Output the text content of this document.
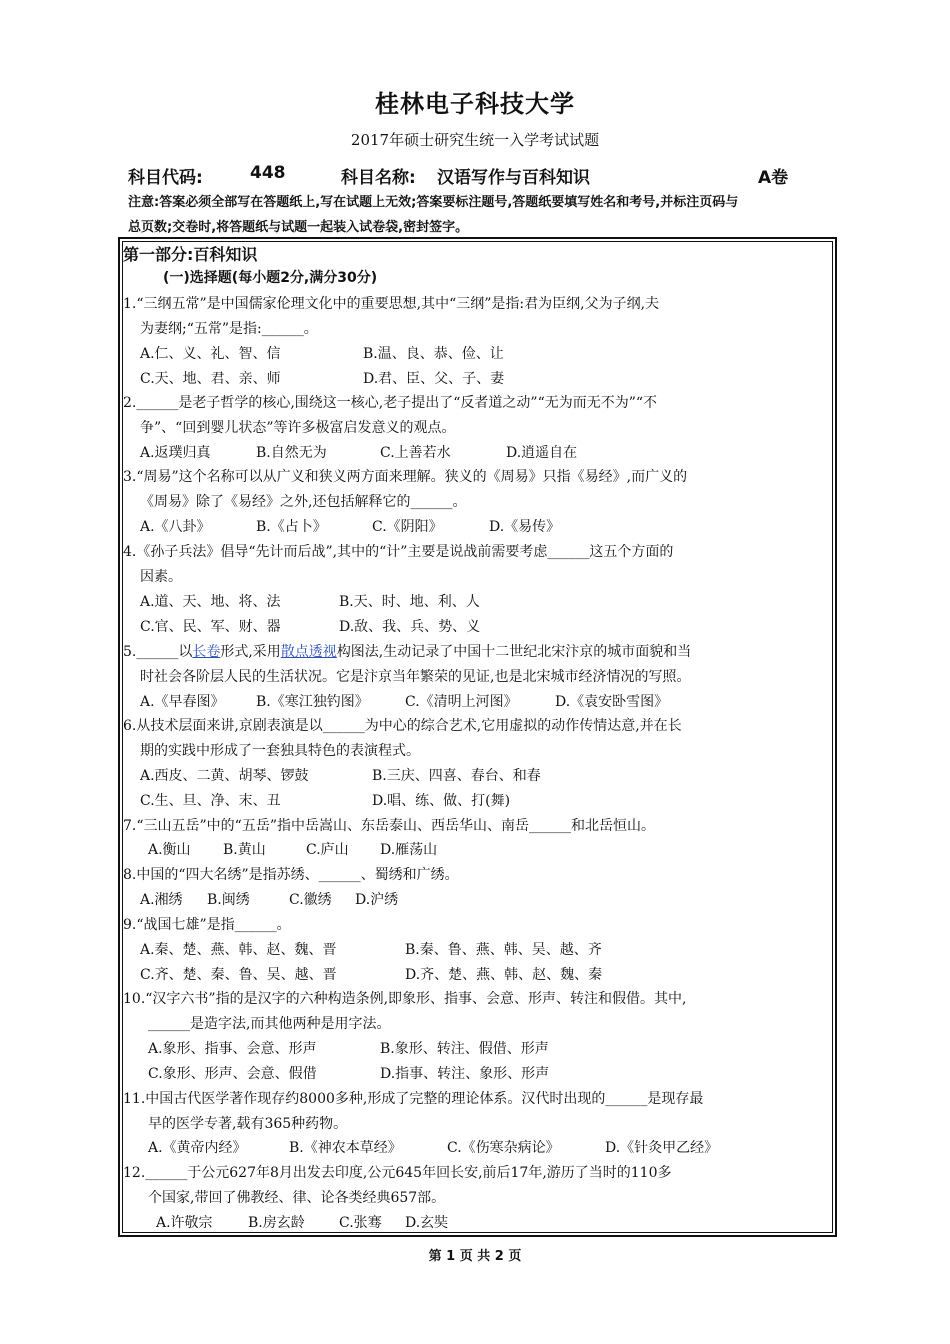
桂林电子科技大学
2017年硕士研究生统一入学考试试题
科目代码:	448	科目名称: 汉语写作与百科知识	A卷
注意:答案必须全部写在答题纸上,写在试题上无效;答案要标注题号,答题纸要填写姓名和考号,并标注页码与
总页数;交卷时,将答题纸与试题一起装入试卷袋,密封签字。
第一部分:百科知识
(一)选择题(每小题2分,满分30分)
1.“三纲五常”是中国儒家伦理文化中的重要思想,其中“三纲”是指:君为臣纲,父为子纲,夫
为妻纲;“五常”是指:______。
A.仁、义、礼、智、信	B.温、良、恭、俭、让
C.天、地、君、亲、师	D.君、臣、父、子、妻
2.______是老子哲学的核心,围绕这一核心,老子提出了“反者道之动”“无为而无不为”“不
争”、“回到婴儿状态”等许多极富启发意义的观点。
A.返璞归真	B.自然无为	C.上善若水	D.逍遥自在
3.“周易”这个名称可以从广义和狭义两方面来理解。狭义的《周易》只指《易经》,而广义的
《周易》除了《易经》之外,还包括解释它的______。
A.《八卦》	B.《占卜》	C.《阴阳》	D.《易传》
4.《孙子兵法》倡导“先计而后战”,其中的“计”主要是说战前需要考虑______这五个方面的
因素。
A.道、天、地、将、法	B.天、时、地、利、人
C.官、民、军、财、器	D.敌、我、兵、势、义
5.______以长卷形式,采用散点透视构图法,生动记录了中国十二世纪北宋汴京的城市面貌和当
时社会各阶层人民的生活状况。它是汴京当年繁荣的见证,也是北宋城市经济情况的写照。
A.《早春图》 B.《寒江独钓图》	C.《清明上河图》	D.《袁安卧雪图》
6.从技术层面来讲,京剧表演是以______为中心的综合艺术,它用虚拟的动作传情达意,并在长
期的实践中形成了一套独具特色的表演程式。
A.西皮、二黄、胡琴、锣鼓	B.三庆、四喜、春台、和春
C.生、旦、净、末、丑	D.唱、练、做、打(舞)
7.“三山五岳”中的“五岳”指中岳嵩山、东岳泰山、西岳华山、南岳______和北岳恒山。
A.衡山 B.黄山	C.庐山 D.雁荡山
8.中国的“四大名绣”是指苏绣、______、蜀绣和广绣。
A.湘绣 B.闽绣	C.徽绣 D.沪绣
9.“战国七雄”是指______。
A.秦、楚、燕、韩、赵、魏、晋	B.秦、鲁、燕、韩、吴、越、齐
C.齐、楚、秦、鲁、吴、越、晋	D.齐、楚、燕、韩、赵、魏、秦
10.“汉字六书”指的是汉字的六种构造条例,即象形、指事、会意、形声、转注和假借。其中,
______是造字法,而其他两种是用字法。
A.象形、指事、会意、形声	B.象形、转注、假借、形声
C.象形、形声、会意、假借	D.指事、转注、象形、形声
11.中国古代医学著作现存约8000多种,形成了完整的理论体系。汉代时出现的______是现存最
早的医学专著,载有365种药物。
A.《黄帝内经》	B.《神农本草经》	C.《伤寒杂病论》	D.《针灸甲乙经》
12.______于公元627年8月出发去印度,公元645年回长安,前后17年,游历了当时的110多
个国家,带回了佛教经、律、论各类经典657部。
A.许敬宗	B.房玄龄 C.张骞 D.玄奘
第 1 页 共 2 页
